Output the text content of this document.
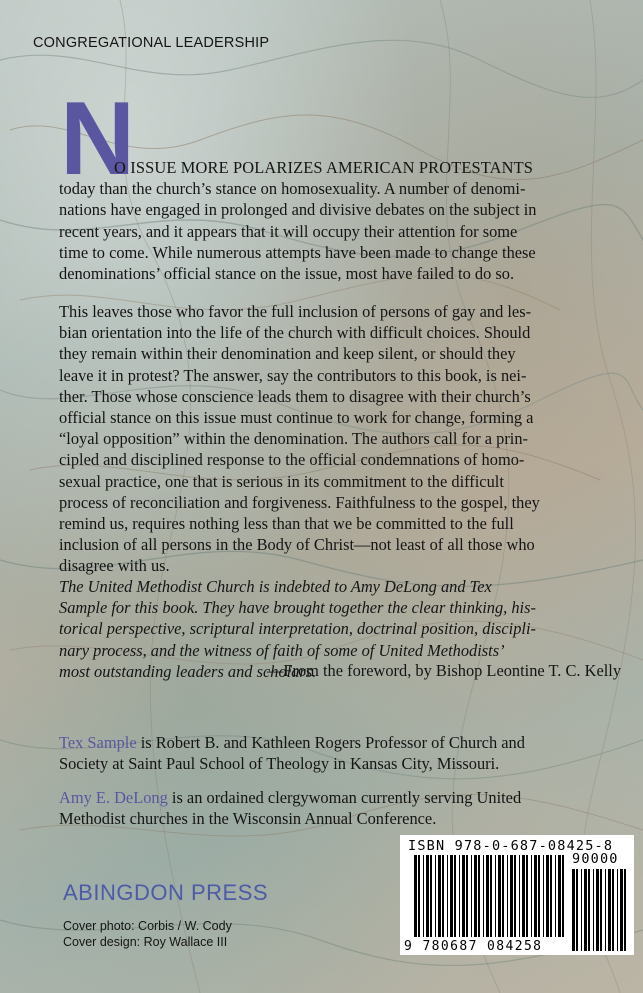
CONGREGATIONAL LEADERSHIP
N
O ISSUE MORE POLARIZES AMERICAN PROTESTANTS
today than the church’s stance on homosexuality. A number of denomi-
nations have engaged in prolonged and divisive debates on the subject in
recent years, and it appears that it will occupy their attention for some
time to come. While numerous attempts have been made to change these
denominations’ official stance on the issue, most have failed to do so.
This leaves those who favor the full inclusion of persons of gay and les-
bian orientation into the life of the church with difficult choices. Should
they remain within their denomination and keep silent, or should they
leave it in protest? The answer, say the contributors to this book, is nei-
ther. Those whose conscience leads them to disagree with their church’s
official stance on this issue must continue to work for change, forming a
“loyal opposition” within the denomination. The authors call for a prin-
cipled and disciplined response to the official condemnations of homo-
sexual practice, one that is serious in its commitment to the difficult
process of reconciliation and forgiveness. Faithfulness to the gospel, they
remind us, requires nothing less than that we be committed to the full
inclusion of all persons in the Body of Christ—not least of all those who
disagree with us.
The United Methodist Church is indebted to Amy DeLong and Tex
Sample for this book. They have brought together the clear thinking, his-
torical perspective, scriptural interpretation, doctrinal position, discipli-
nary process, and the witness of faith of some of United Methodists’
most outstanding leaders and scholars.
—From the foreword, by Bishop Leontine T. C. Kelly
Tex Sample is Robert B. and Kathleen Rogers Professor of Church and
Society at Saint Paul School of Theology in Kansas City, Missouri.
Amy E. DeLong is an ordained clergywoman currently serving United
Methodist churches in the Wisconsin Annual Conference.
ABINGDON PRESS
Cover photo: Corbis / W. Cody
Cover design: Roy Wallace III
ISBN 978-0-687-08425-8
90000
9 780687 084258
